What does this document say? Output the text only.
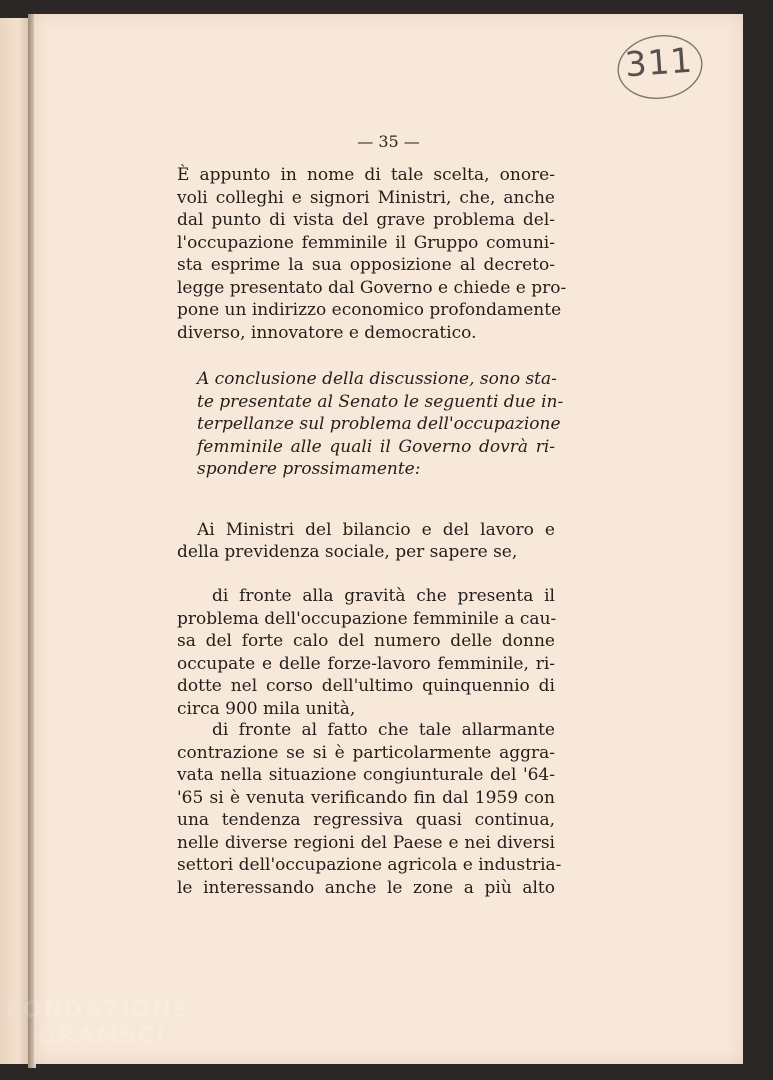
311
— 35 —
È appunto in nome di tale scelta, onore-
voli colleghi e signori Ministri, che, anche
dal punto di vista del grave problema del-
l'occupazione femminile il Gruppo comuni-
sta esprime la sua opposizione al decreto-
legge presentato dal Governo e chiede e pro-
pone un indirizzo economico profondamente
diverso, innovatore e democratico.
A conclusione della discussione, sono sta-
te presentate al Senato le seguenti due in-
terpellanze sul problema dell'occupazione
femminile alle quali il Governo dovrà ri-
spondere prossimamente:
Ai Ministri del bilancio e del lavoro e
della previdenza sociale, per sapere se,
di fronte alla gravità che presenta il
problema dell'occupazione femminile a cau-
sa del forte calo del numero delle donne
occupate e delle forze-lavoro femminile, ri-
dotte nel corso dell'ultimo quinquennio di
circa 900 mila unità,
di fronte al fatto che tale allarmante
contrazione se si è particolarmente aggra-
vata nella situazione congiunturale del '64-
'65 si è venuta verificando fin dal 1959 con
una tendenza regressiva quasi continua,
nelle diverse regioni del Paese e nei diversi
settori dell'occupazione agricola e industria-
le interessando anche le zone a più alto
FONDAZIONE
GRAMSCI
